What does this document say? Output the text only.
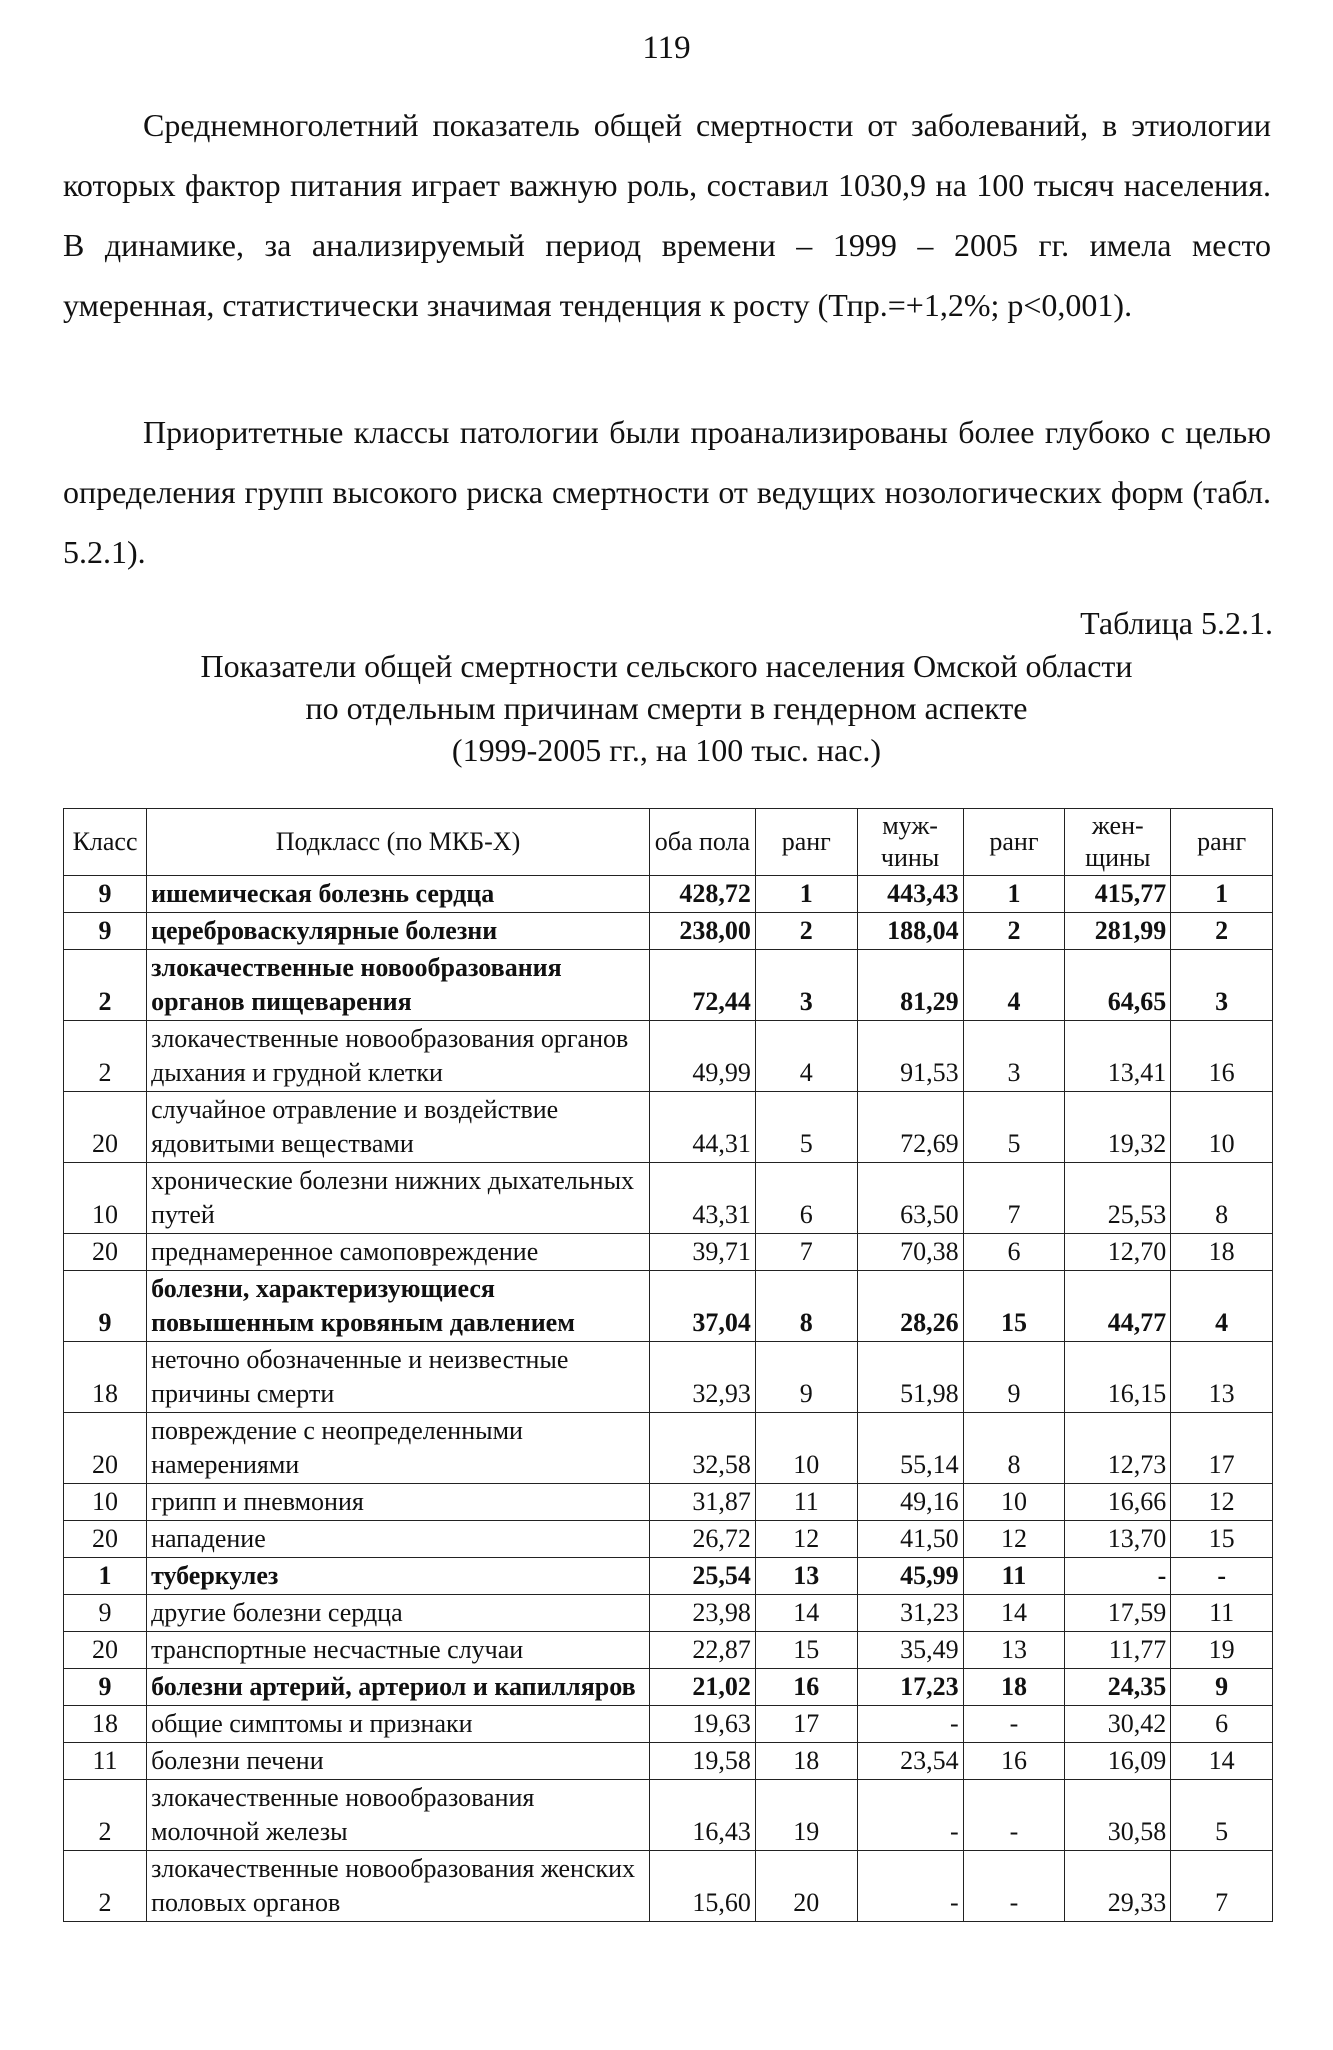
119

Среднемноголетний показатель общей смертности от заболеваний, в этиологии которых фактор питания играет важную роль, составил 1030,9 на 100 тысяч населения. В динамике, за анализируемый период времени – 1999 – 2005 гг. имела место умеренная, статистически значимая тенденция к росту (Тпр.=+1,2%; p<0,001).

Приоритетные классы патологии были проанализированы более глубоко с целью определения групп высокого риска смертности от ведущих нозологических форм (табл. 5.2.1).

Таблица 5.2.1.
Показатели общей смертности сельского населения Омской области
по отдельным причинам смерти в гендерном аспекте
(1999-2005 гг., на 100 тыс. нас.)
Класс	Подкласс (по МКБ-X)	оба пола	ранг	муж-чины	ранг	жен-щины	ранг
9	ишемическая болезнь сердца	428,72	1	443,43	1	415,77	1
9	цереброваскулярные болезни	238,00	2	188,04	2	281,99	2
2	злокачественные новообразования органов пищеварения	72,44	3	81,29	4	64,65	3
2	злокачественные новообразования органов дыхания и грудной клетки	49,99	4	91,53	3	13,41	16
20	случайное отравление и воздействие ядовитыми веществами	44,31	5	72,69	5	19,32	10
10	хронические болезни нижних дыхательных путей	43,31	6	63,50	7	25,53	8
20	преднамеренное самоповреждение	39,71	7	70,38	6	12,70	18
9	болезни, характеризующиеся повышенным кровяным давлением	37,04	8	28,26	15	44,77	4
18	неточно обозначенные и неизвестные причины смерти	32,93	9	51,98	9	16,15	13
20	повреждение с неопределенными намерениями	32,58	10	55,14	8	12,73	17
10	грипп и пневмония	31,87	11	49,16	10	16,66	12
20	нападение	26,72	12	41,50	12	13,70	15
1	туберкулез	25,54	13	45,99	11	-	-
9	другие болезни сердца	23,98	14	31,23	14	17,59	11
20	транспортные несчастные случаи	22,87	15	35,49	13	11,77	19
9	болезни артерий, артериол и капилляров	21,02	16	17,23	18	24,35	9
18	общие симптомы и признаки	19,63	17	-	-	30,42	6
11	болезни печени	19,58	18	23,54	16	16,09	14
2	злокачественные новообразования молочной железы	16,43	19	-	-	30,58	5
2	злокачественные новообразования женских половых органов	15,60	20	-	-	29,33	7
